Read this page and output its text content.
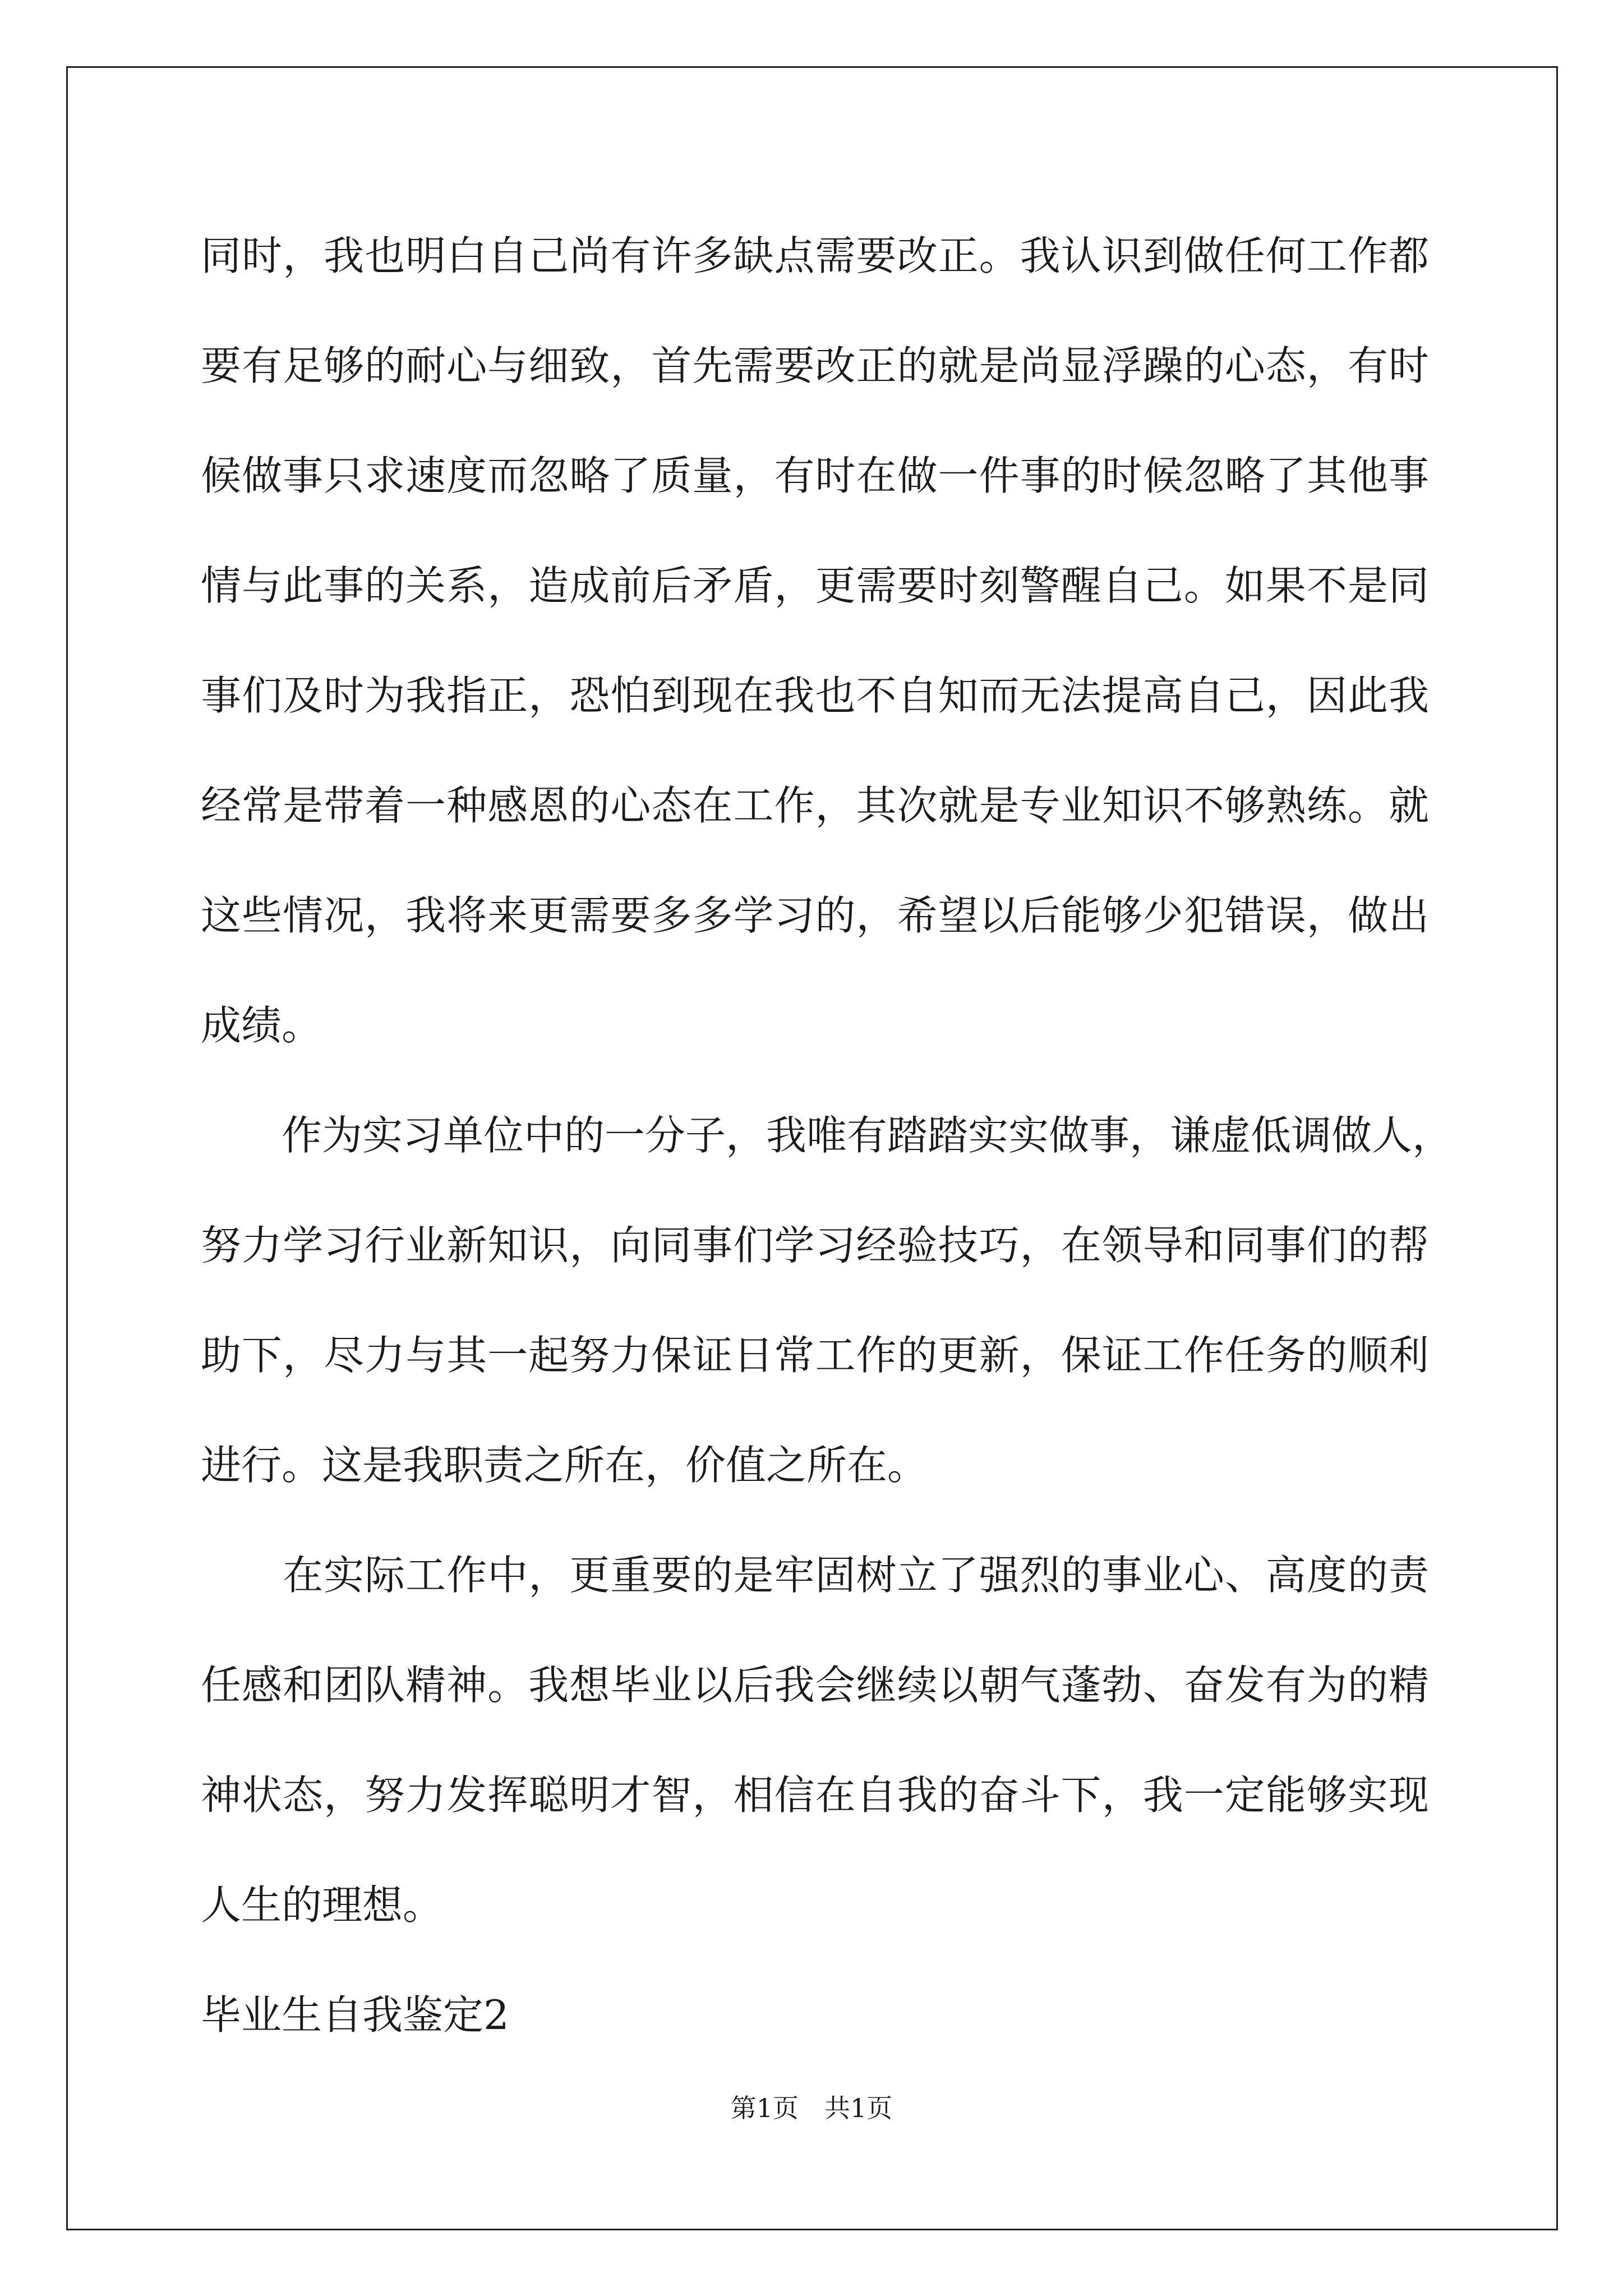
同时，我也明白自己尚有许多缺点需要改正。我认识到做任何工作都
要有足够的耐心与细致，首先需要改正的就是尚显浮躁的心态，有时
候做事只求速度而忽略了质量，有时在做一件事的时候忽略了其他事
情与此事的关系，造成前后矛盾，更需要时刻警醒自己。如果不是同
事们及时为我指正，恐怕到现在我也不自知而无法提高自己，因此我
经常是带着一种感恩的心态在工作，其次就是专业知识不够熟练。就
这些情况，我将来更需要多多学习的，希望以后能够少犯错误，做出
成绩。
　　作为实习单位中的一分子，我唯有踏踏实实做事，谦虚低调做人，
努力学习行业新知识，向同事们学习经验技巧，在领导和同事们的帮
助下，尽力与其一起努力保证日常工作的更新，保证工作任务的顺利
进行。这是我职责之所在，价值之所在。
　　在实际工作中，更重要的是牢固树立了强烈的事业心、高度的责
任感和团队精神。我想毕业以后我会继续以朝气蓬勃、奋发有为的精
神状态，努力发挥聪明才智，相信在自我的奋斗下，我一定能够实现
人生的理想。
毕业生自我鉴定2
第1页　共1页
